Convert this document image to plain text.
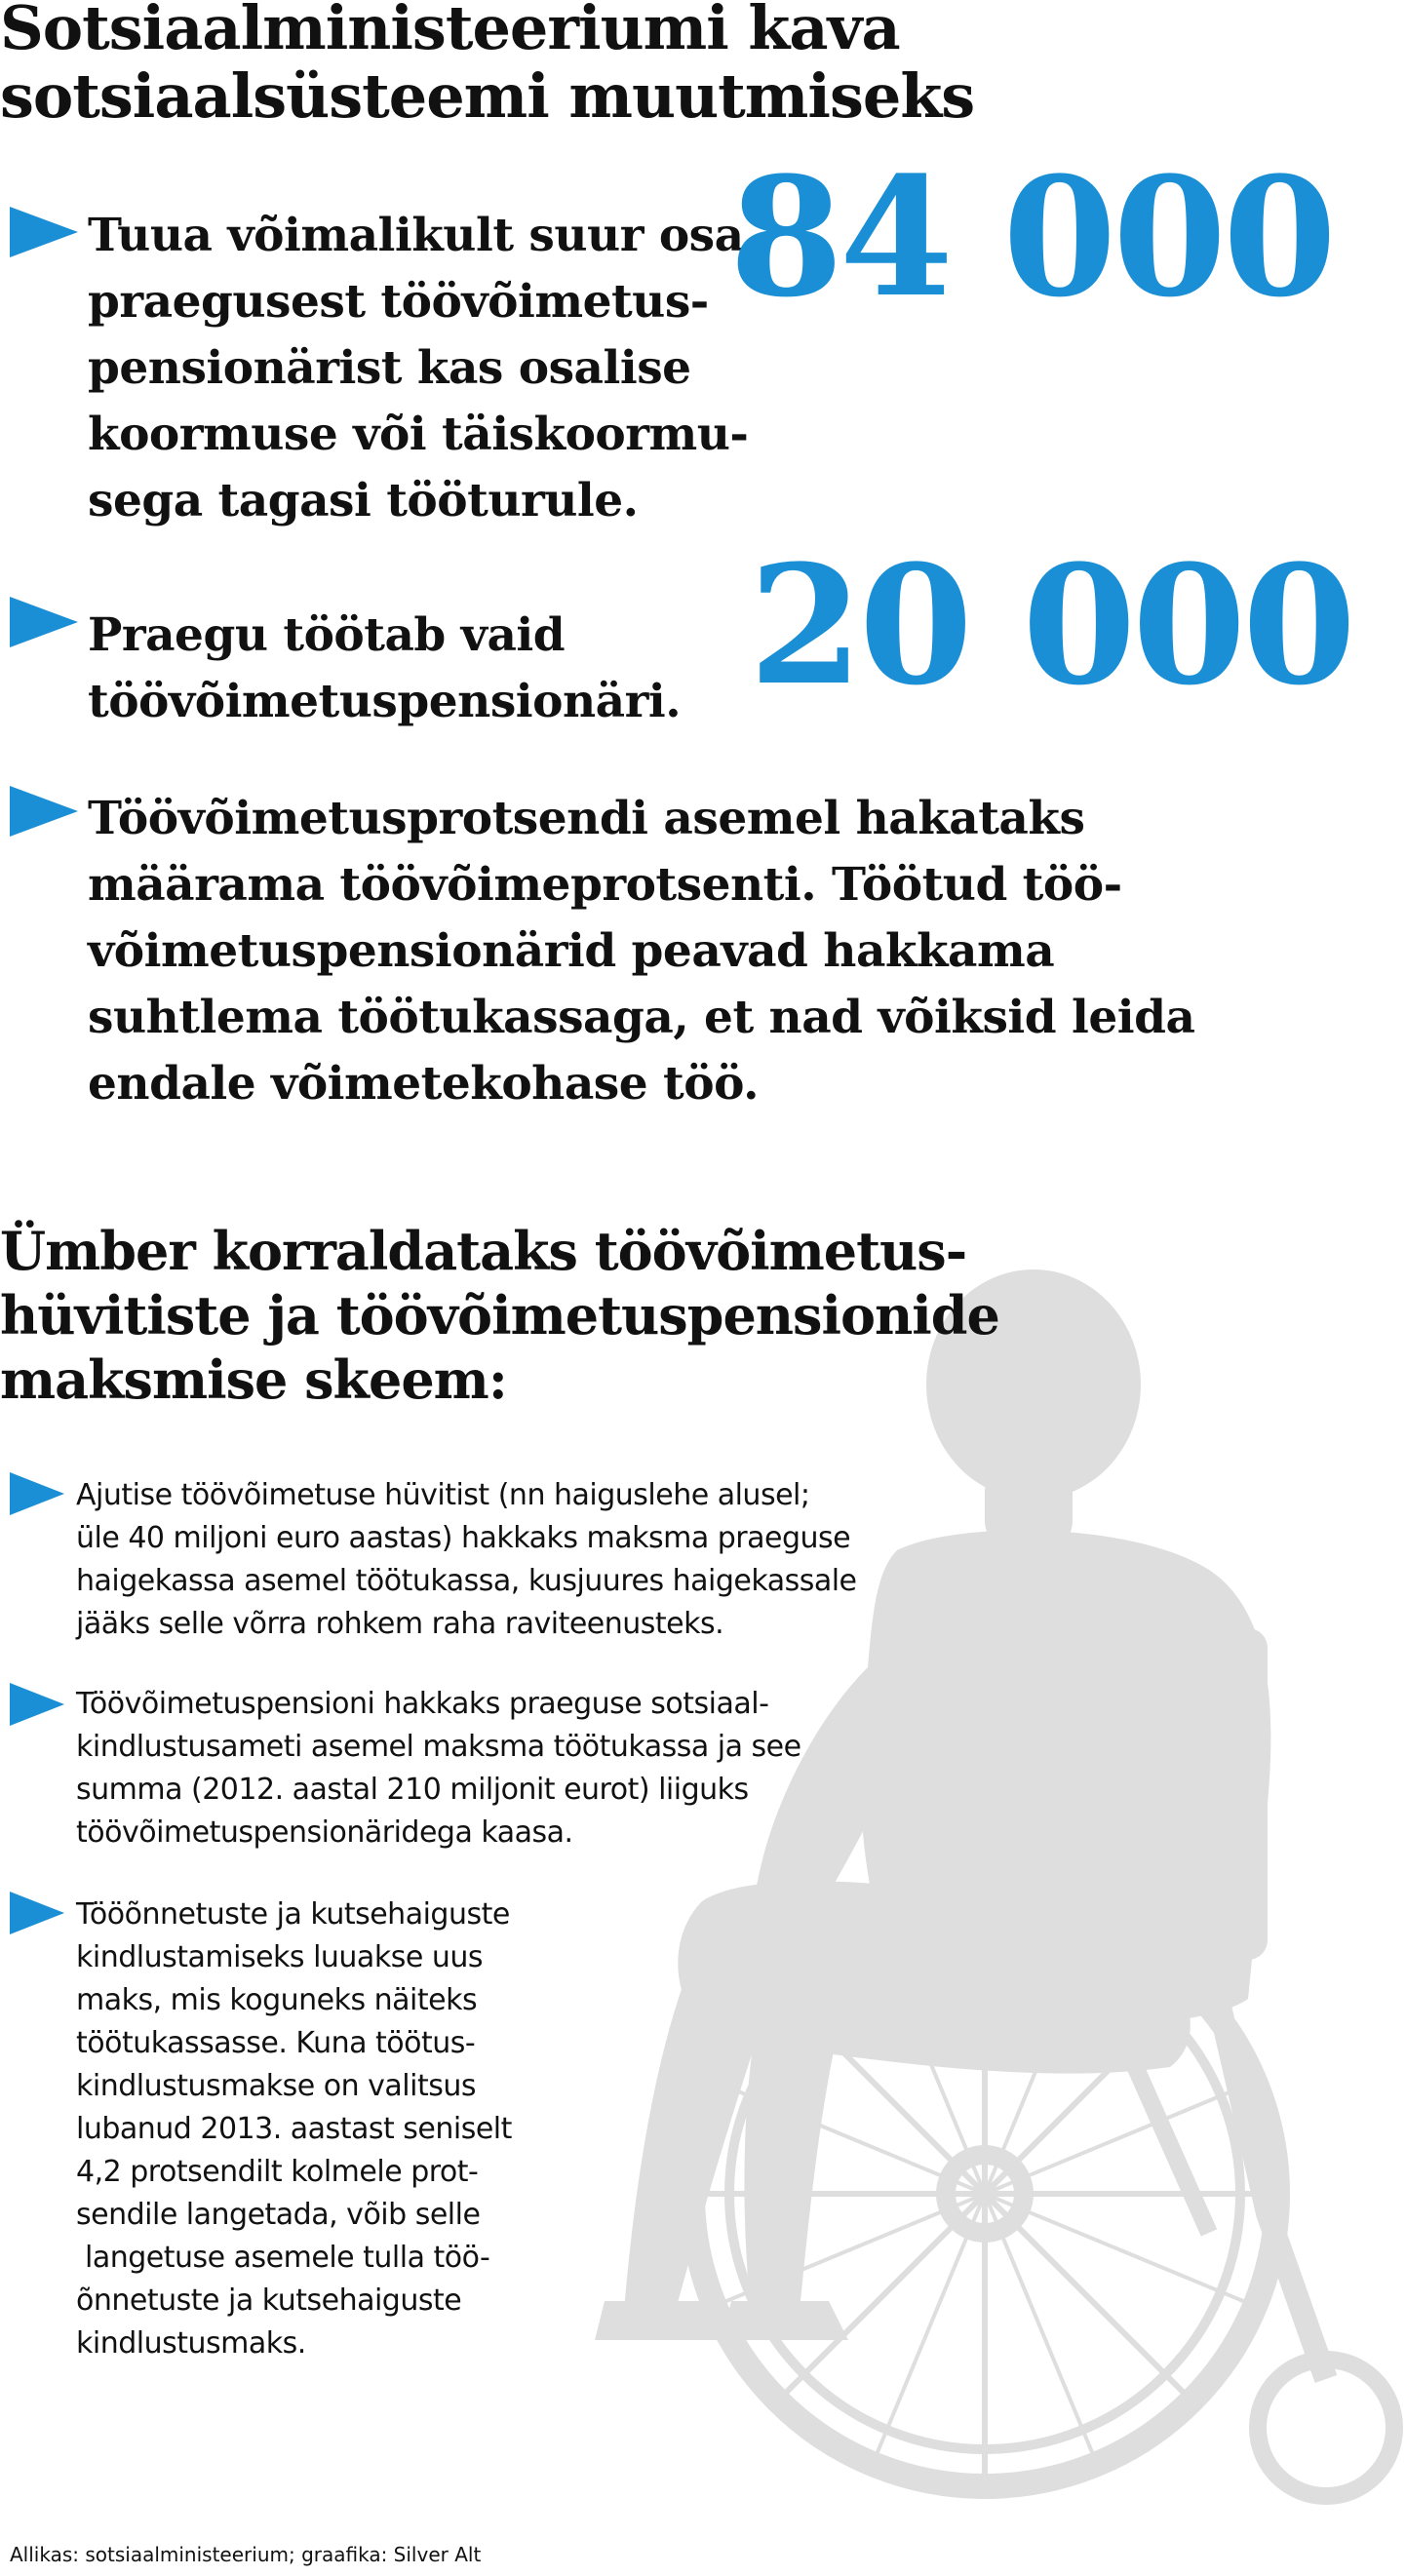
Sotsiaalministeeriumi kava
sotsiaalsüsteemi muutmiseks
Tuua võimalikult suur osa
praegusest töövõimetus-
pensionärist kas osalise
koormuse või täiskoormu-
sega tagasi tööturule.
84 000
Praegu töötab vaid
töövõimetuspensionäri. 20 000
Töövõimetusprotsendi asemel hakataks
määrama töövõimeprotsenti. Töötud töö-
võimetuspensionärid peavad hakkama
suhtlema töötukassaga, et nad võiksid leida
endale võimetekohase töö.
Ümber korraldataks töövõimetus-
hüvitiste ja töövõimetuspensionide
maksmise skeem:
Ajutise töövõimetuse hüvitist (nn haiguslehe alusel;
üle 40 miljoni euro aastas) hakkaks maksma praeguse
haigekassa asemel töötukassa, kusjuures haigekassale
jääks selle võrra rohkem raha raviteenusteks.
Töövõimetuspensioni hakkaks praeguse sotsiaal-
kindlustusameti asemel maksma töötukassa ja see
summa (2012. aastal 210 miljonit eurot) liiguks
töövõimetuspensionäridega kaasa.
Tööõnnetuste ja kutsehaiguste
kindlustamiseks luuakse uus
maks, mis koguneks näiteks
töötukassasse. Kuna töötus-
kindlustusmakse on valitsus
lubanud 2013. aastast seniselt
4,2 protsendilt kolmele prot-
sendile langetada, võib selle
langetuse asemele tulla töö-
õnnetuste ja kutsehaiguste
kindlustusmaks.
Allikas: sotsiaalministeerium; graafika: Silver Alt
